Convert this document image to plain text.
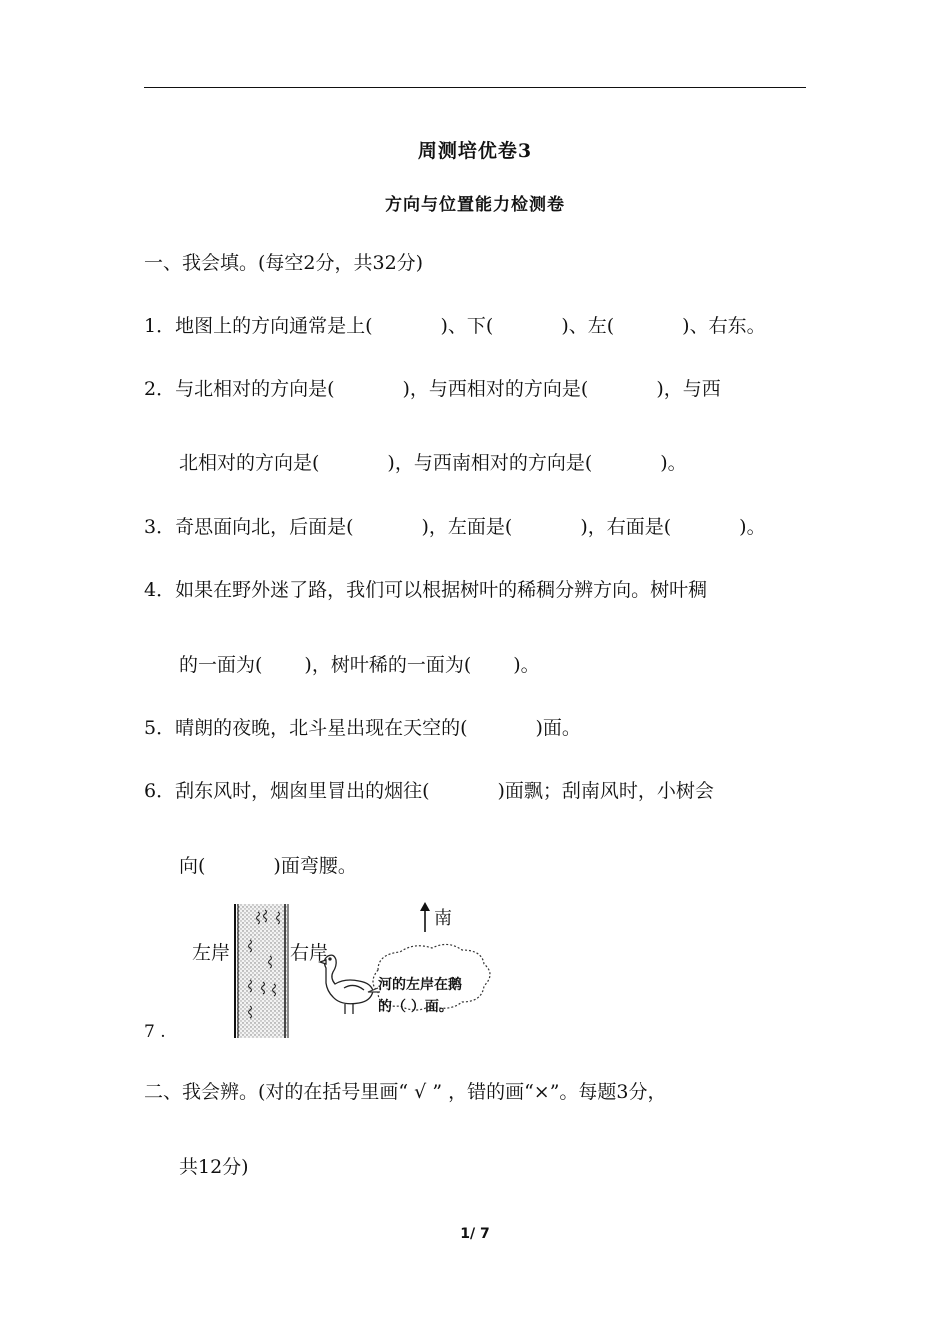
周测培优卷3
方向与位置能力检测卷
一、我会填。(每空2分，共32分)
1．地图上的方向通常是上(	)、下(	)、左(	)、右东。
2．与北相对的方向是(	)，与西相对的方向是(	)，与西
北相对的方向是(	)，与西南相对的方向是(	)。
3．奇思面向北，后面是(	)，左面是(	)，右面是(	)。
4．如果在野外迷了路，我们可以根据树叶的稀稠分辨方向。树叶稠
的一面为( )，树叶稀的一面为( )。
5．晴朗的夜晚，北斗星出现在天空的(	)面。
6．刮东风时，烟囱里冒出的烟往(	)面飘；刮南风时，小树会
向(	)面弯腰。
7 .
左岸	右岸
南
河的左岸在鹅
的（ ）面。
二、我会辨。(对的在括号里画“ √ ” ，错的画“×”。每题3分，
共12分)
1/ 7
